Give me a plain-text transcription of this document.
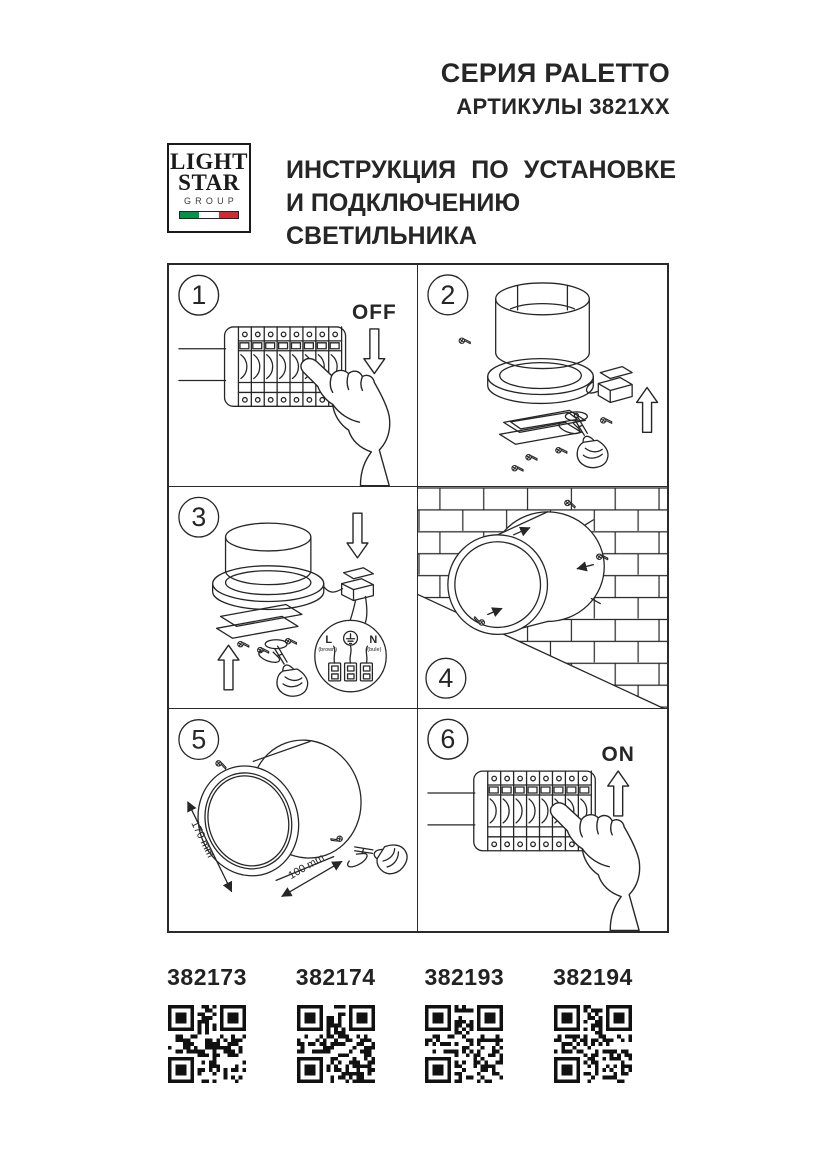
СЕРИЯ PALETTO
АРТИКУЛЫ 3821XX
LIGHT
STAR
GROUP
ИНСТРУКЦИЯ ПО УСТАНОВКЕ
И ПОДКЛЮЧЕНИЮ СВЕТИЛЬНИКА
1
OFF
2
3
L
(brown)
N
(bule)
4
5
170 mm
100 mm
6
ON
382173 382174 382193 382194
